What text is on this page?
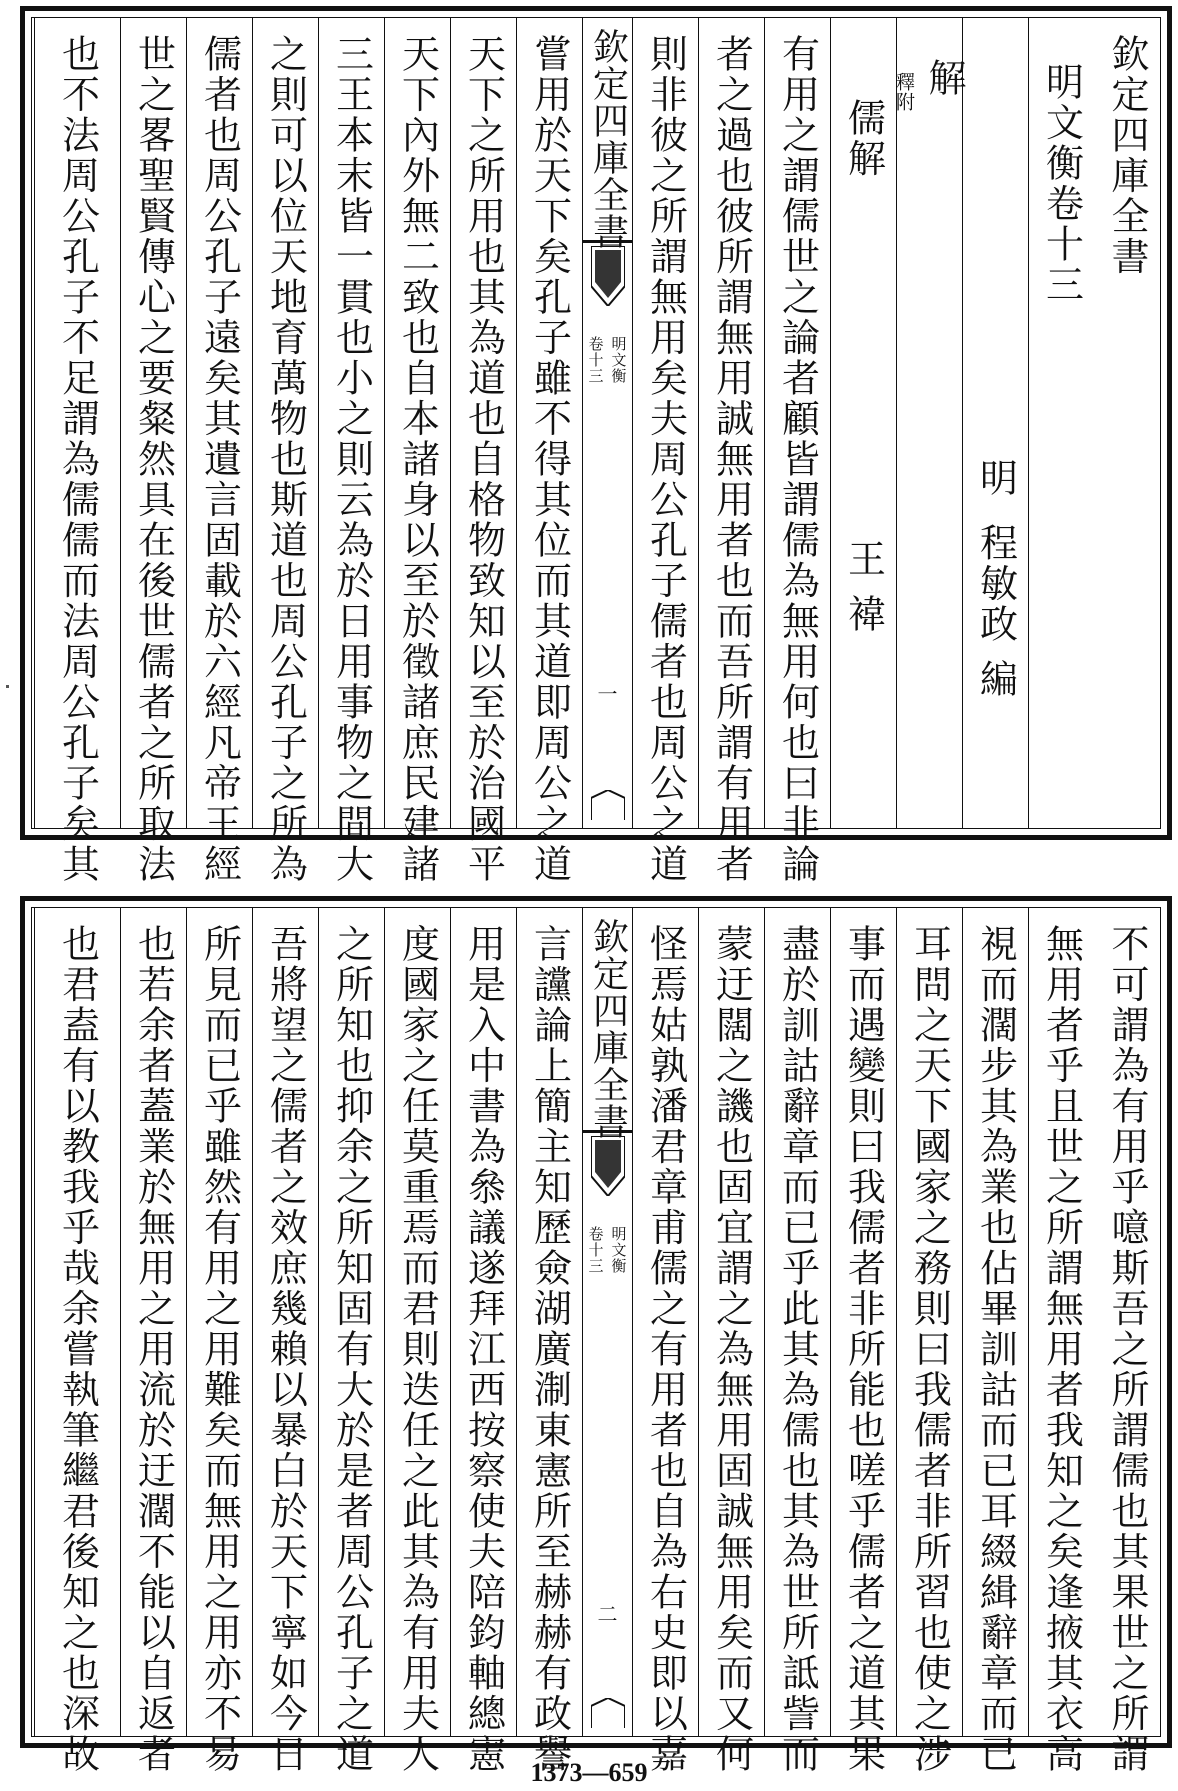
欽定四庫全書
明文衡卷十三
明
程敏政 編
釋附 解
儒解
王 褘
有用之謂儒世之論者顧皆謂儒為無用何也曰非論
者之過也彼所謂無用誠無用者也而吾所謂有用者
則非彼之所謂無用矣夫周公孔子儒者也周公之道
欽定四庫全書
卷十三 明文衡
一
嘗用於天下矣孔子雖不得其位而其道即周公之道
天下之所用也其為道也自格物致知以至於治國平
天下內外無二致也自本諸身以至於徵諸庶民建諸
三王本末皆一貫也小之則云為於日用事物之間大
之則可以位天地育萬物也斯道也周公孔子之所為
儒者也周公孔子遠矣其遺言固載於六經凡帝王經
世之畧聖賢傳心之要粲然具在後世儒者之所取法
也不法周公孔子不足謂為儒儒而法周公孔子矣其
不可謂為有用乎噫斯吾之所謂儒也其果世之所謂
無用者乎且世之所謂無用者我知之矣逢掖其衣高
視而濶步其為業也佔畢訓詁而已耳綴緝辭章而已
耳問之天下國家之務則曰我儒者非所習也使之涉
事而遇變則曰我儒者非所能也嗟乎儒者之道其果
盡於訓詁辭章而已乎此其為儒也其為世所詆訾而
蒙迂闊之譏也固宜謂之為無用固誠無用矣而又何
怪焉姑孰潘君章甫儒之有用者也自為右史即以嘉
欽定四庫全書
卷十三 明文衡
二
言讜論上簡主知歷僉湖廣淛東憲所至赫赫有政譽
用是入中書為叅議遂拜江西按察使夫陪鈞軸總憲
度國家之任莫重焉而君則迭任之此其為有用夫人
之所知也抑余之所知固有大於是者周公孔子之道
吾將望之儒者之效庶幾賴以暴白於天下寧如今日
所見而已乎雖然有用之用難矣而無用之用亦不易
也若余者蓋業於無用之用流於迂濶不能以自返者
也君盍有以教我乎哉余嘗執筆繼君後知之也深故	1373—659
